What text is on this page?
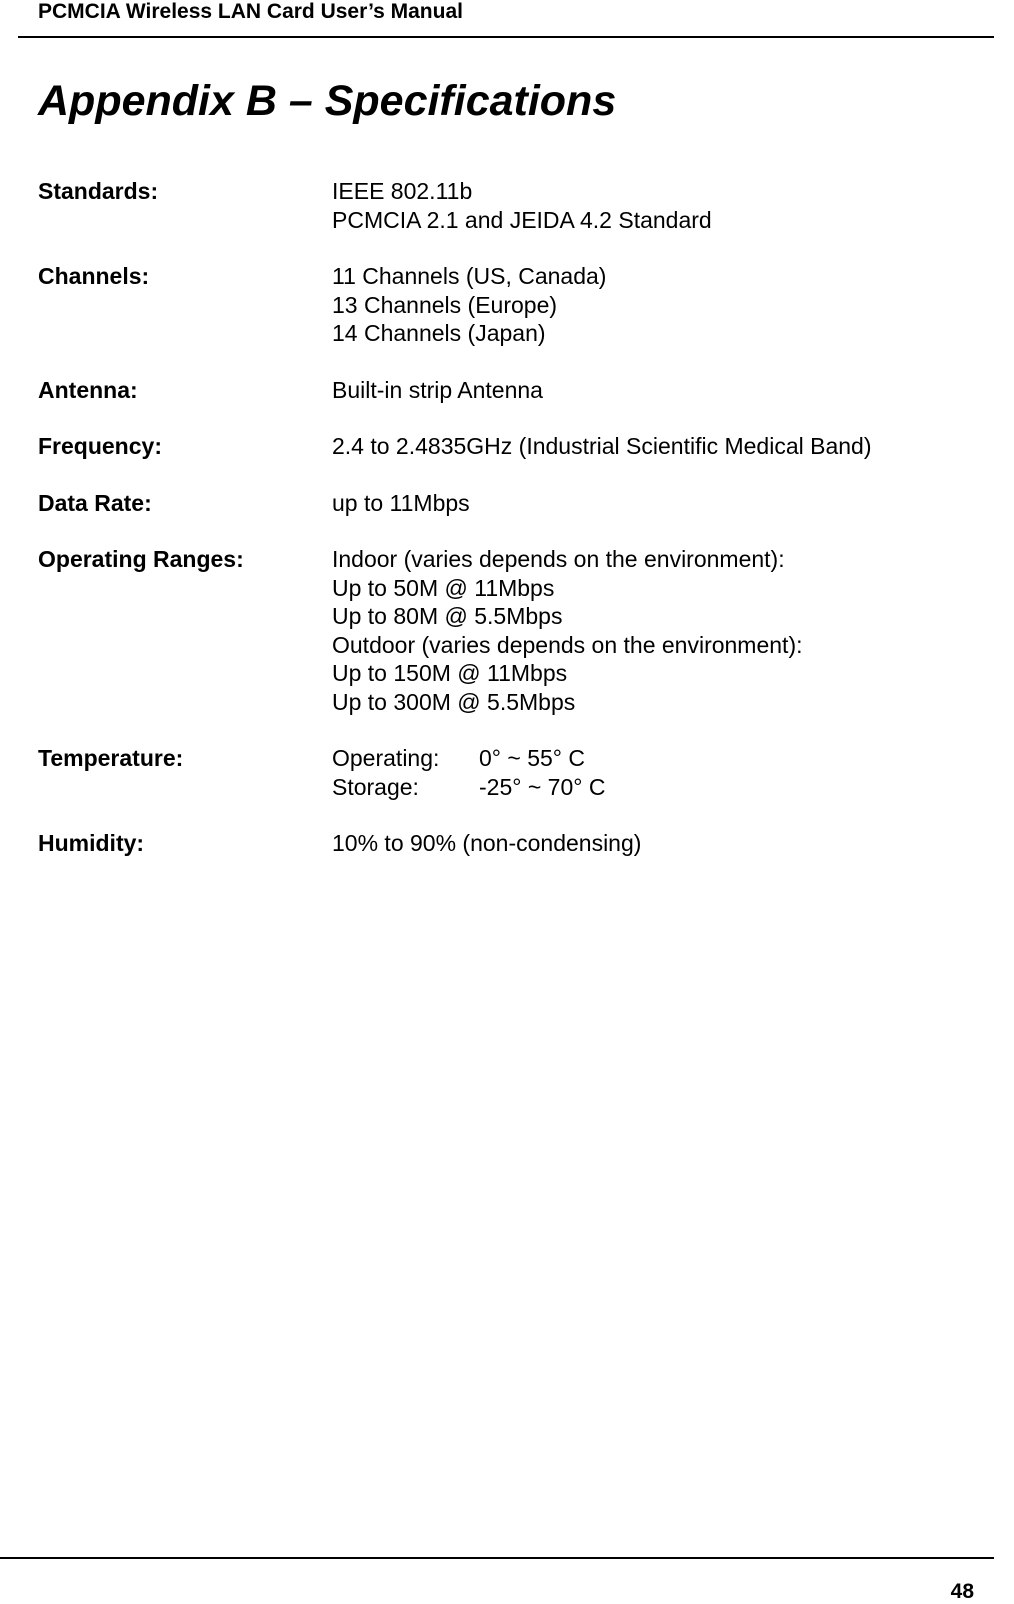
PCMCIA Wireless LAN Card User’s Manual
Appendix B – Specifications
Standards:	IEEE 802.11b
PCMCIA 2.1 and JEIDA 4.2 Standard
Channels:	11 Channels (US, Canada)
13 Channels (Europe)
14 Channels (Japan)
Antenna:	Built-in strip Antenna
Frequency:	2.4 to 2.4835GHz (Industrial Scientific Medical Band)
Data Rate:	up to 11Mbps
Operating Ranges:	Indoor (varies depends on the environment):
Up to 50M @ 11Mbps
Up to 80M @ 5.5Mbps
Outdoor (varies depends on the environment):
Up to 150M @ 11Mbps
Up to 300M @ 5.5Mbps
Temperature:	Operating:	0° ~ 55° C
Storage:	-25° ~ 70° C
Humidity:	10% to 90% (non-condensing)
48
